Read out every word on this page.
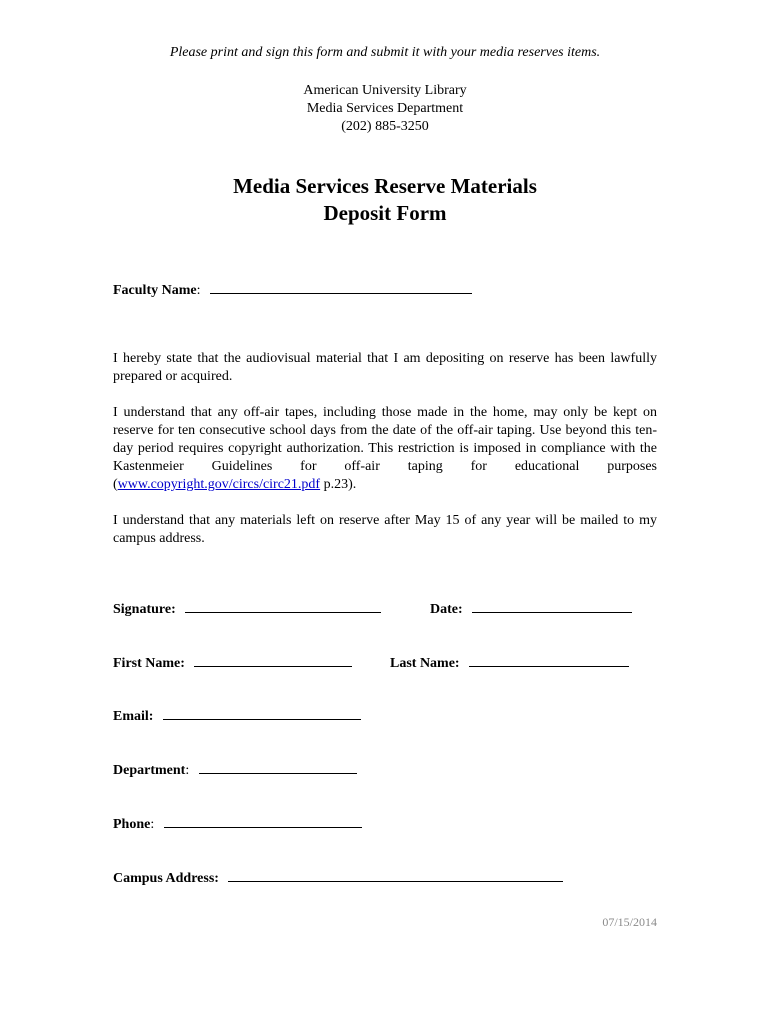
Please print and sign this form and submit it with your media reserves items.
American University Library
Media Services Department
(202) 885-3250
Media Services Reserve Materials
Deposit Form
Faculty Name:
I hereby state that the audiovisual material that I am depositing on reserve has been lawfully prepared or acquired.
I understand that any off-air tapes, including those made in the home, may only be kept on reserve for ten consecutive school days from the date of the off-air taping. Use beyond this ten-day period requires copyright authorization. This restriction is imposed in compliance with the Kastenmeier Guidelines for off-air taping for educational purposes (www.copyright.gov/circs/circ21.pdf p.23).
I understand that any materials left on reserve after May 15 of any year will be mailed to my campus address.
Signature:	Date:
First Name:	Last Name:
Email:
Department:
Phone:
Campus Address:
07/15/2014
